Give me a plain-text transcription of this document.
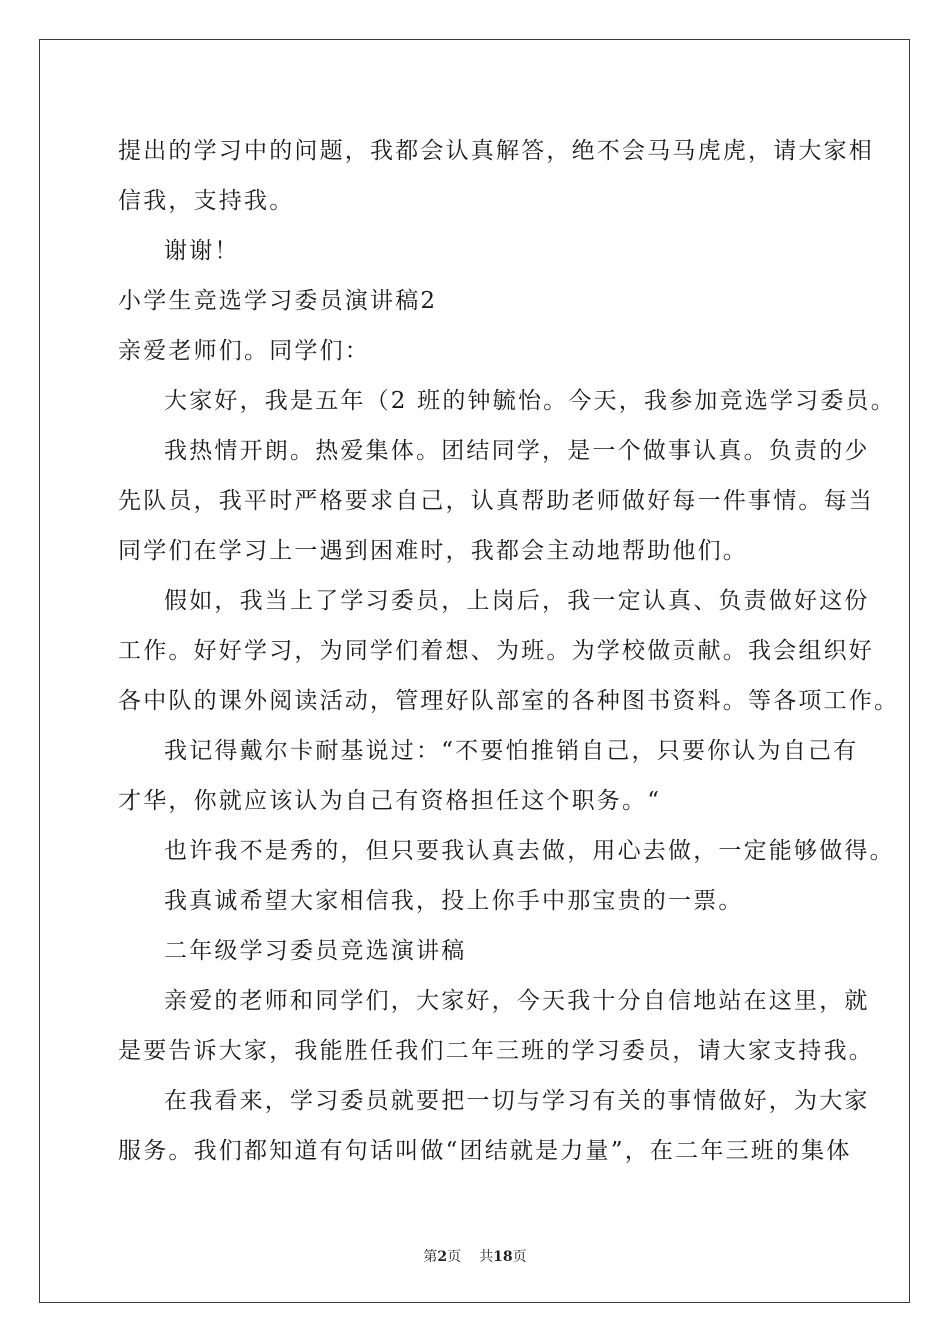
提出的学习中的问题，我都会认真解答，绝不会马马虎虎，请大家相
信我，支持我。
谢谢！
小学生竞选学习委员演讲稿2
亲爱老师们。同学们：
大家好，我是五年（2 班的钟毓怡。今天，我参加竞选学习委员。
我热情开朗。热爱集体。团结同学，是一个做事认真。负责的少
先队员，我平时严格要求自己，认真帮助老师做好每一件事情。每当
同学们在学习上一遇到困难时，我都会主动地帮助他们。
假如，我当上了学习委员，上岗后，我一定认真、负责做好这份
工作。好好学习，为同学们着想、为班。为学校做贡献。我会组织好
各中队的课外阅读活动，管理好队部室的各种图书资料。等各项工作。
我记得戴尔卡耐基说过：“不要怕推销自己，只要你认为自己有
才华，你就应该认为自己有资格担任这个职务。“
也许我不是秀的，但只要我认真去做，用心去做，一定能够做得。
我真诚希望大家相信我，投上你手中那宝贵的一票。
二年级学习委员竞选演讲稿
亲爱的老师和同学们，大家好，今天我十分自信地站在这里，就
是要告诉大家，我能胜任我们二年三班的学习委员，请大家支持我。
在我看来，学习委员就要把一切与学习有关的事情做好，为大家
服务。我们都知道有句话叫做“团结就是力量”，在二年三班的集体
第2页 共18页
